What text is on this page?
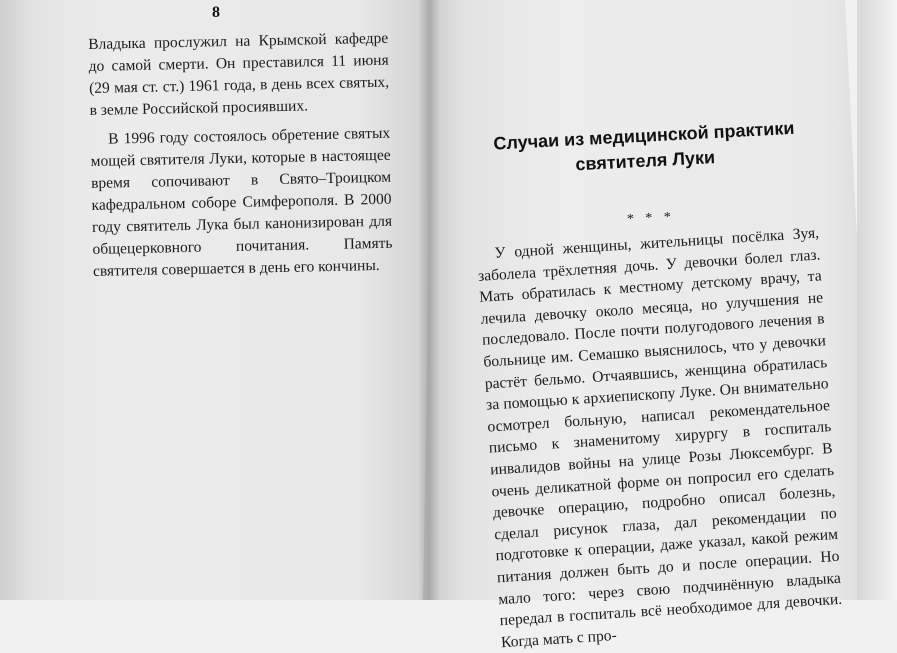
8

Владыка прослужил на Крымской кафедре до самой смерти. Он преставился 11 июня (29 мая ст. ст.) 1961 года, в день всех святых, в земле Российской просиявших.

В 1996 году состоялось обретение святых мощей святителя Луки, которые в настоящее время сопочивают в Свято–Троицком кафедральном соборе Симферополя. В 2000 году святитель Лука был канонизирован для общецерковного почитания. Память святителя совершается в день его кончины.

Случаи из медицинской практики святителя Луки
* * *

У одной женщины, жительницы посёлка Зуя, заболела трёхлетняя дочь. У девочки болел глаз. Мать обратилась к местному детскому врачу, та лечила девочку около месяца, но улучшения не последовало. После почти полугодового лечения в больнице им. Семашко выяснилось, что у девочки растёт бельмо. Отчаявшись, женщина обратилась за помощью к архиепископу Луке. Он внимательно осмотрел больную, написал рекомендательное письмо к знаменитому хирургу в госпиталь инвалидов войны на улице Розы Люксембург. В очень деликатной форме он попросил его сделать девочке операцию, подробно описал болезнь, сделал рисунок глаза, дал рекомендации по подготовке к операции, даже указал, какой режим питания должен быть до и после операции. Но мало того: через свою подчинённую владыка передал в госпиталь всё необходимое для девочки. Когда мать с про-
